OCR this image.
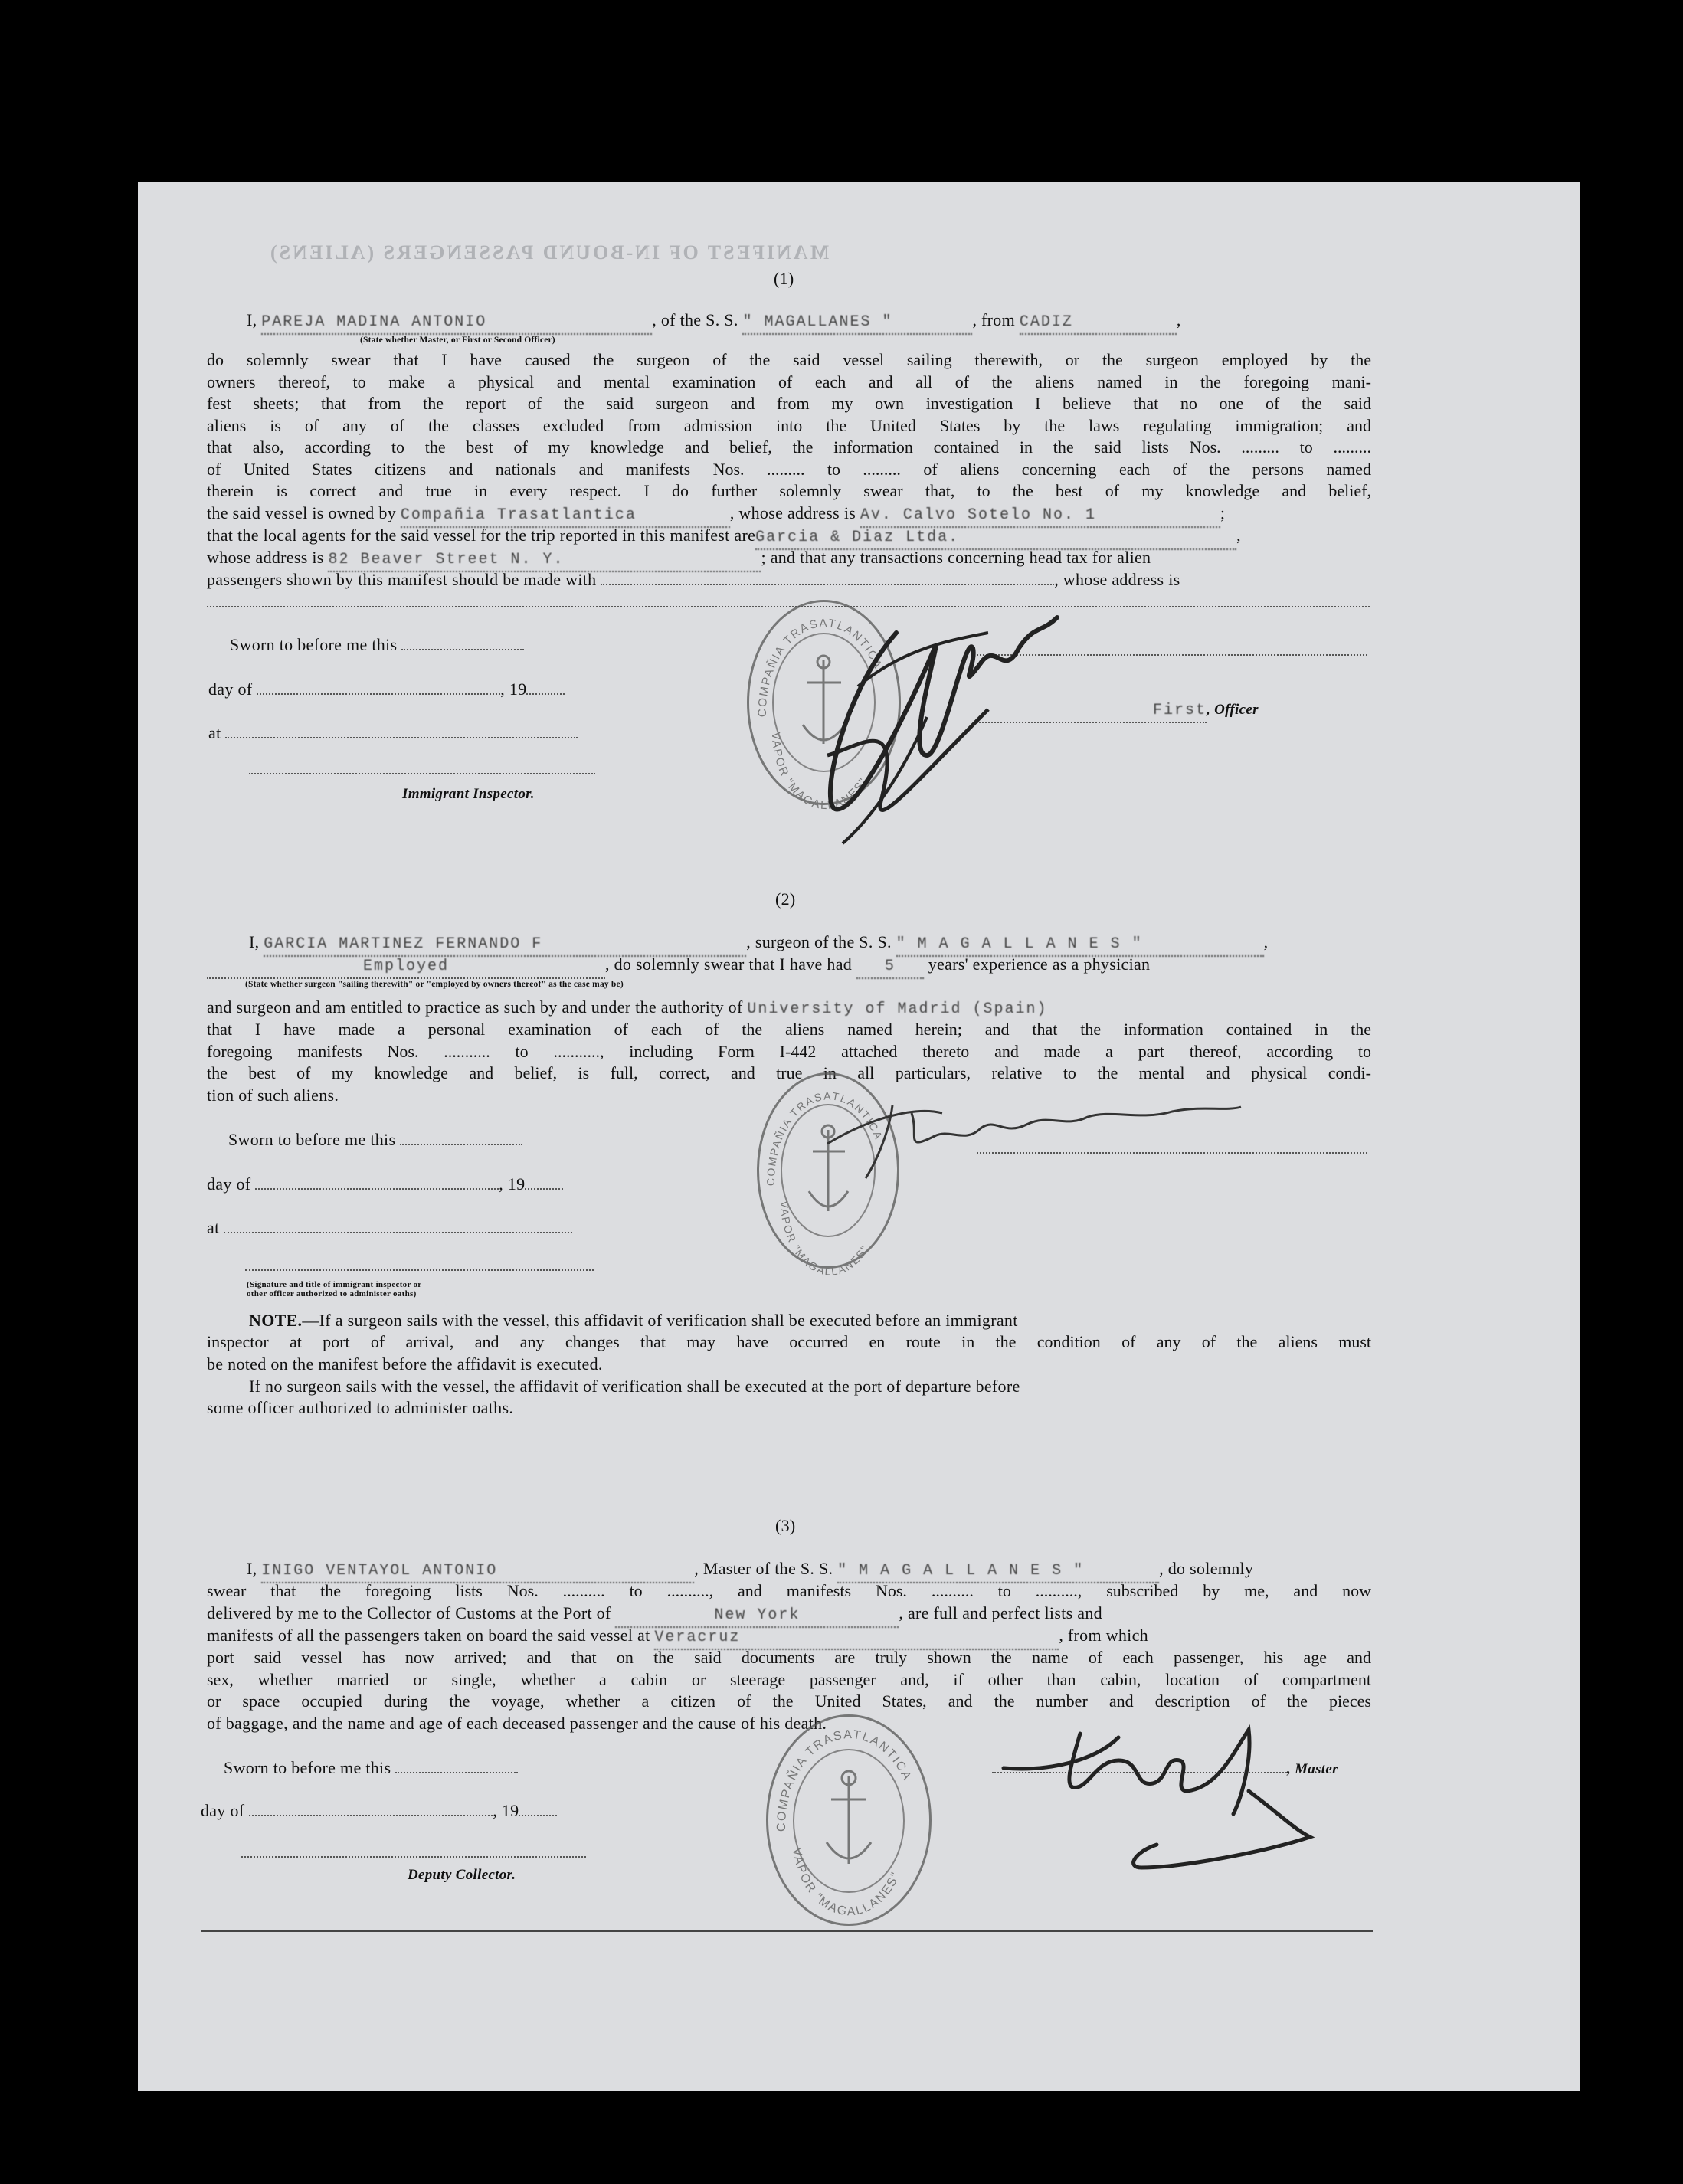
MANIFEST OF IN-BOUND PASSENGERS (ALIENS)
(1)
I, PAREJA MADINA ANTONIO	, of the S. S. " MAGALLANES "	, from CADIZ	,
(State whether Master, or First or Second Officer)
do solemnly swear that I have caused the surgeon of the said vessel sailing therewith, or the surgeon employed by the
owners thereof, to make a physical and mental examination of each and all of the aliens named in the foregoing mani-
fest sheets; that from the report of the said surgeon and from my own investigation I believe that no one of the said
aliens is of any of the classes excluded from admission into the United States by the laws regulating immigration; and
that also, according to the best of my knowledge and belief, the information contained in the said lists Nos. ......... to .........
of United States citizens and nationals and manifests Nos. ......... to ......... of aliens concerning each of the persons named
therein is correct and true in every respect. I do further solemnly swear that, to the best of my knowledge and belief,
the said vessel is owned by Compañia Trasatlantica	, whose address is Av. Calvo Sotelo No. 1	;
that the local agents for the said vessel for the trip reported in this manifest areGarcia & Diaz Ltda.	,
whose address is 82 Beaver Street N. Y.	; and that any transactions concerning head tax for alien
passengers shown by this manifest should be made with	, whose address is
Sworn to before me this
day of	, 19
at
Immigrant Inspector.
First, Officer
COMPAÑIA TRASATLANTICA
VAPOR "MAGALLANES"
(2)
I, GARCIA MARTINEZ FERNANDO F	, surgeon of the S. S. " M A G A L L A N E S "	,
Employed	, do solemnly swear that I have had 5 years' experience as a physician
(State whether surgeon "sailing therewith" or "employed by owners thereof" as the case may be)
and surgeon and am entitled to practice as such by and under the authority of University of Madrid (Spain)
that I have made a personal examination of each of the aliens named herein; and that the information contained in the
foregoing manifests Nos. ........... to ..........., including Form I-442 attached thereto and made a part thereof, according to
the best of my knowledge and belief, is full, correct, and true in all particulars, relative to the mental and physical condi-
tion of such aliens.
Sworn to before me this
day of	, 19
at
(Signature and title of immigrant inspector or
other officer authorized to administer oaths)
COMPAÑIA TRASATLANTICA
VAPOR "MAGALLANES"
NOTE.—If a surgeon sails with the vessel, this affidavit of verification shall be executed before an immigrant
inspector at port of arrival, and any changes that may have occurred en route in the condition of any of the aliens must
be noted on the manifest before the affidavit is executed.
If no surgeon sails with the vessel, the affidavit of verification shall be executed at the port of departure before
some officer authorized to administer oaths.
(3)
I, INIGO VENTAYOL ANTONIO	, Master of the S. S. " M A G A L L A N E S "	, do solemnly
swear that the foregoing lists Nos. .......... to .........., and manifests Nos. .......... to .........., subscribed by me, and now
delivered by me to the Collector of Customs at the Port of	New York	, are full and perfect lists and
manifests of all the passengers taken on board the said vessel at Veracruz	, from which
port said vessel has now arrived; and that on the said documents are truly shown the name of each passenger, his age and
sex, whether married or single, whether a cabin or steerage passenger and, if other than cabin, location of compartment
or space occupied during the voyage, whether a citizen of the United States, and the number and description of the pieces
of baggage, and the name and age of each deceased passenger and the cause of his death.
Sworn to before me this	, Master
day of	, 19
Deputy Collector.
COMPAÑIA TRASATLANTICA
VAPOR "MAGALLANES"
